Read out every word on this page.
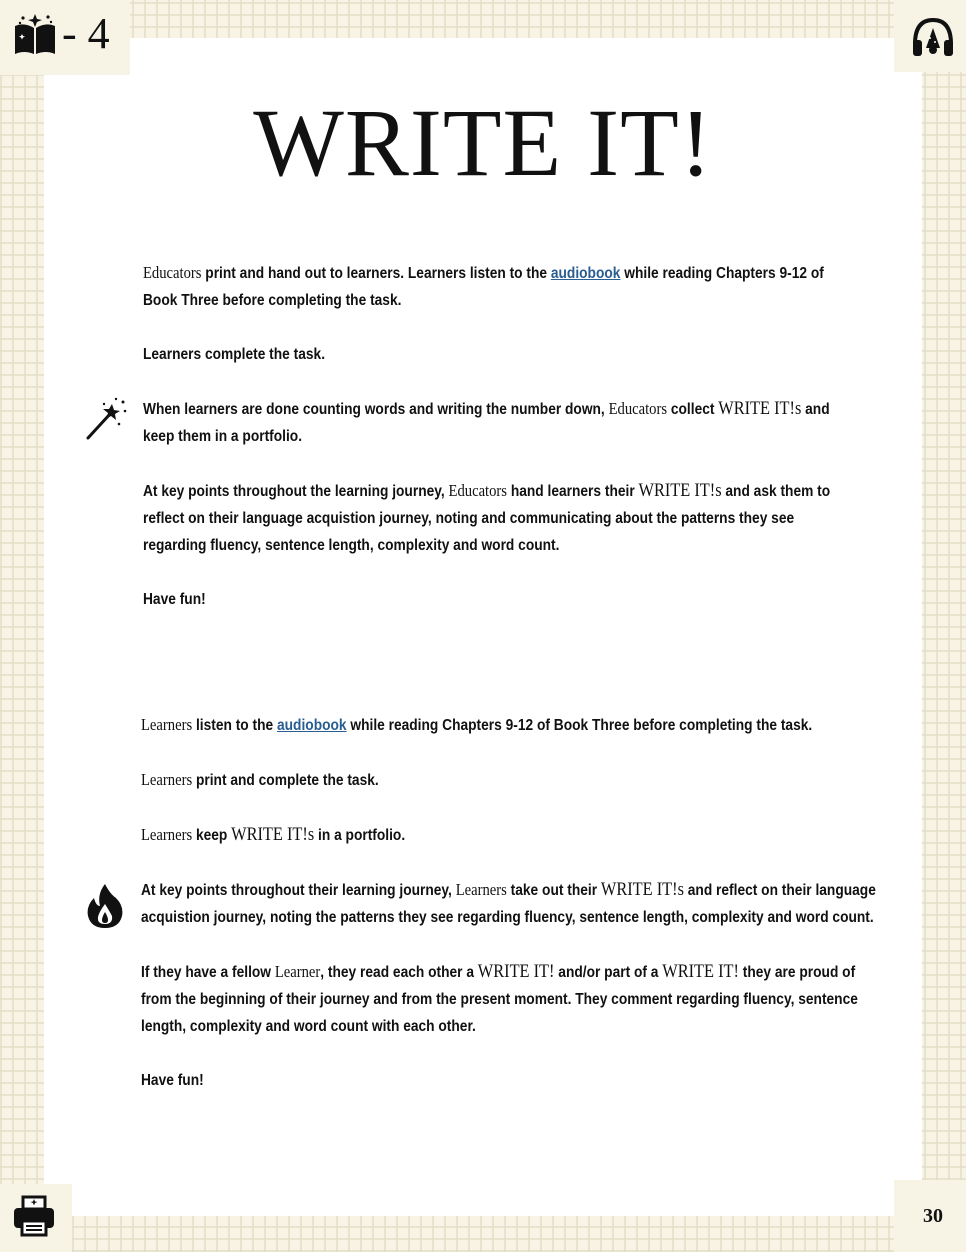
- 4
WRITE IT!

Educators print and hand out to learners. Learners listen to the audiobook while reading Chapters 9-12 of Book Three before completing the task.

Learners complete the task.

When learners are done counting words and writing the number down, Educators collect WRITE IT!s and keep them in a portfolio.

At key points throughout the learning journey, Educators hand learners their WRITE IT!s and ask them to reflect on their language acquistion journey, noting and communicating about the patterns they see regarding fluency, sentence length, complexity and word count.

Have fun!

Learners listen to the audiobook while reading Chapters 9-12 of Book Three before completing the task.

Learners print and complete the task.

Learners keep WRITE IT!s in a portfolio.

At key points throughout their learning journey, Learners take out their WRITE IT!s and reflect on their language acquistion journey, noting the patterns they see regarding fluency, sentence length, complexity and word count.

If they have a fellow Learner, they read each other a WRITE IT! and/or part of a WRITE IT! they are proud of from the beginning of their journey and from the present moment. They comment regarding fluency, sentence length, complexity and word count with each other.

Have fun!

30
